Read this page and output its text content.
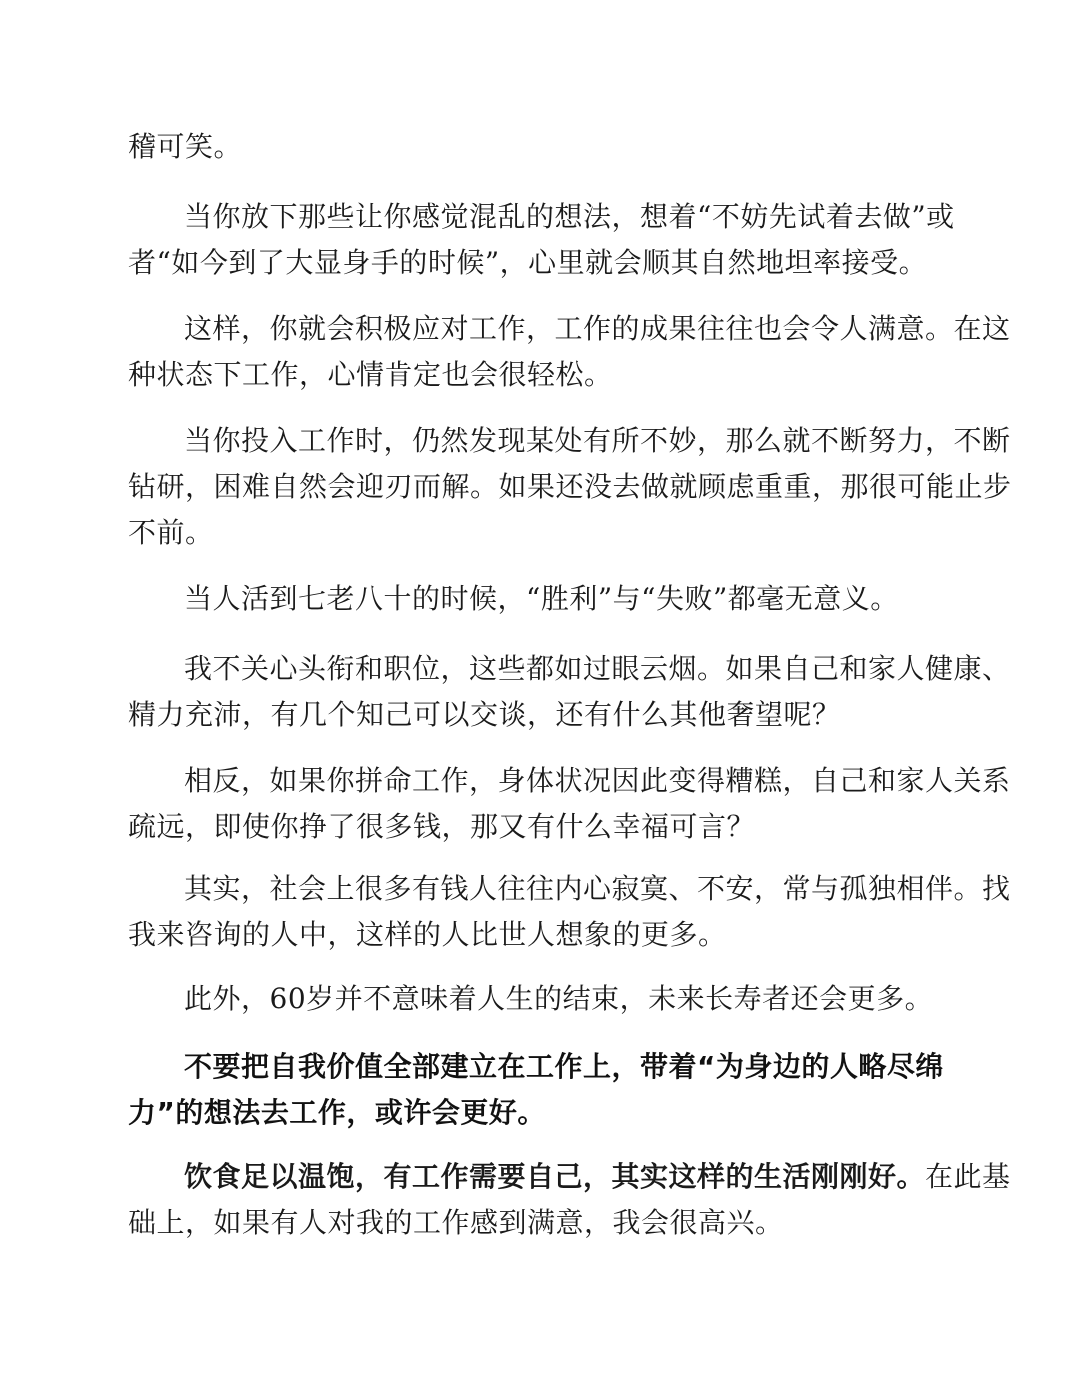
稽可笑。

当你放下那些让你感觉混乱的想法，想着“不妨先试着去做”或
者“如今到了大显身手的时候”，心里就会顺其自然地坦率接受。

这样，你就会积极应对工作，工作的成果往往也会令人满意。在这
种状态下工作，心情肯定也会很轻松。

当你投入工作时，仍然发现某处有所不妙，那么就不断努力，不断
钻研，困难自然会迎刃而解。如果还没去做就顾虑重重，那很可能止步
不前。

当人活到七老八十的时候，“胜利”与“失败”都毫无意义。

我不关心头衔和职位，这些都如过眼云烟。如果自己和家人健康、
精力充沛，有几个知己可以交谈，还有什么其他奢望呢？

相反，如果你拼命工作，身体状况因此变得糟糕，自己和家人关系
疏远，即使你挣了很多钱，那又有什么幸福可言？

其实，社会上很多有钱人往往内心寂寞、不安，常与孤独相伴。找
我来咨询的人中，这样的人比世人想象的更多。

此外，60岁并不意味着人生的结束，未来长寿者还会更多。

不要把自我价值全部建立在工作上，带着“为身边的人略尽绵
力”的想法去工作，或许会更好。

饮食足以温饱，有工作需要自己，其实这样的生活刚刚好。在此基
础上，如果有人对我的工作感到满意，我会很高兴。
